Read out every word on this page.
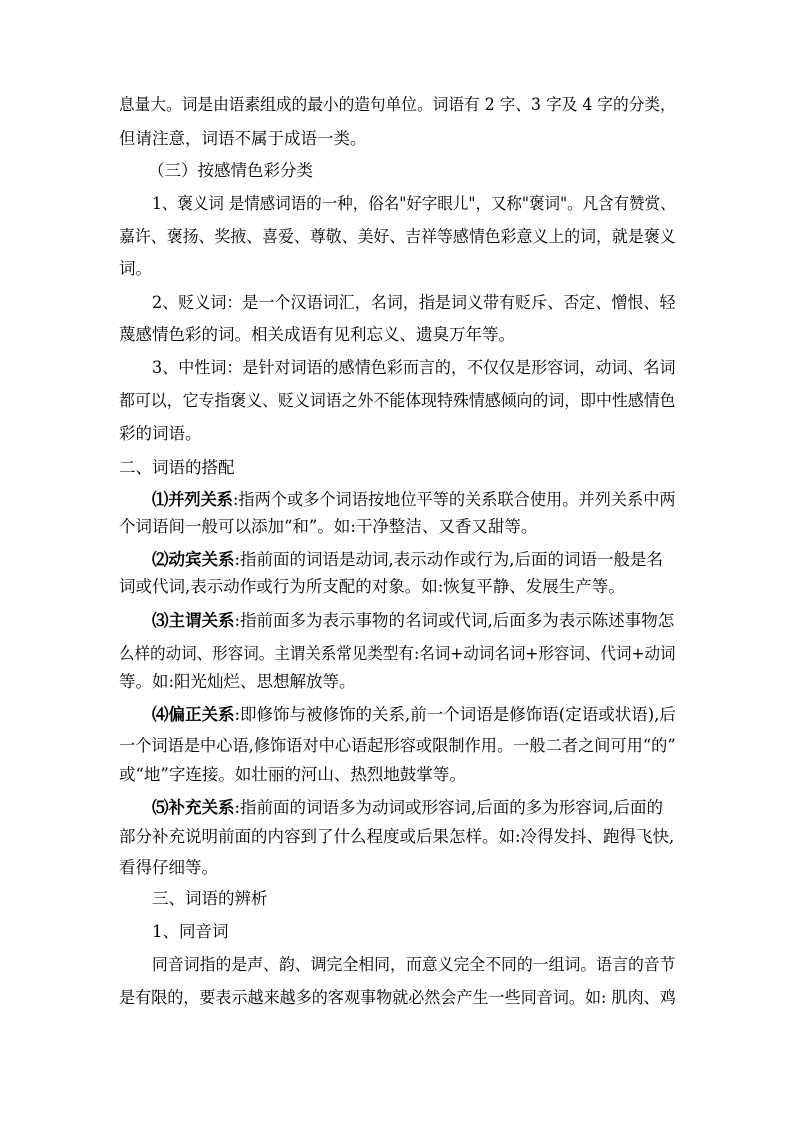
息量大。词是由语素组成的最小的造句单位。词语有 2 字、3 字及 4 字的分类，
但请注意，词语不属于成语一类。
（三）按感情色彩分类
1、褒义词 是情感词语的一种，俗名"好字眼儿"，又称"褒词"。凡含有赞赏、
嘉许、褒扬、奖掖、喜爱、尊敬、美好、吉祥等感情色彩意义上的词，就是褒义
词。
2、贬义词：是一个汉语词汇，名词，指是词义带有贬斥、否定、憎恨、轻
蔑感情色彩的词。相关成语有见利忘义、遗臭万年等。
3、中性词：是针对词语的感情色彩而言的，不仅仅是形容词，动词、名词
都可以，它专指褒义、贬义词语之外不能体现特殊情感倾向的词，即中性感情色
彩的词语。
二、词语的搭配
⑴并列关系:指两个或多个词语按地位平等的关系联合使用。并列关系中两
个词语间一般可以添加“和”。如:干净整洁、又香又甜等。
⑵动宾关系:指前面的词语是动词,表示动作或行为,后面的词语一般是名
词或代词,表示动作或行为所支配的对象。如:恢复平静、发展生产等。
⑶主谓关系:指前面多为表示事物的名词或代词,后面多为表示陈述事物怎
么样的动词、形容词。主谓关系常见类型有:名词+动词名词+形容词、代词+动词
等。如:阳光灿烂、思想解放等。
⑷偏正关系:即修饰与被修饰的关系,前一个词语是修饰语(定语或状语),后
一个词语是中心语,修饰语对中心语起形容或限制作用。一般二者之间可用“的”
或“地”字连接。如壮丽的河山、热烈地鼓掌等。
⑸补充关系:指前面的词语多为动词或形容词,后面的多为形容词,后面的
部分补充说明前面的内容到了什么程度或后果怎样。如:冷得发抖、跑得飞快,
看得仔细等。
三、词语的辨析
1、同音词
同音词指的是声、韵、调完全相同，而意义完全不同的一组词。语言的音节
是有限的，要表示越来越多的客观事物就必然会产生一些同音词。如: 肌肉、鸡
